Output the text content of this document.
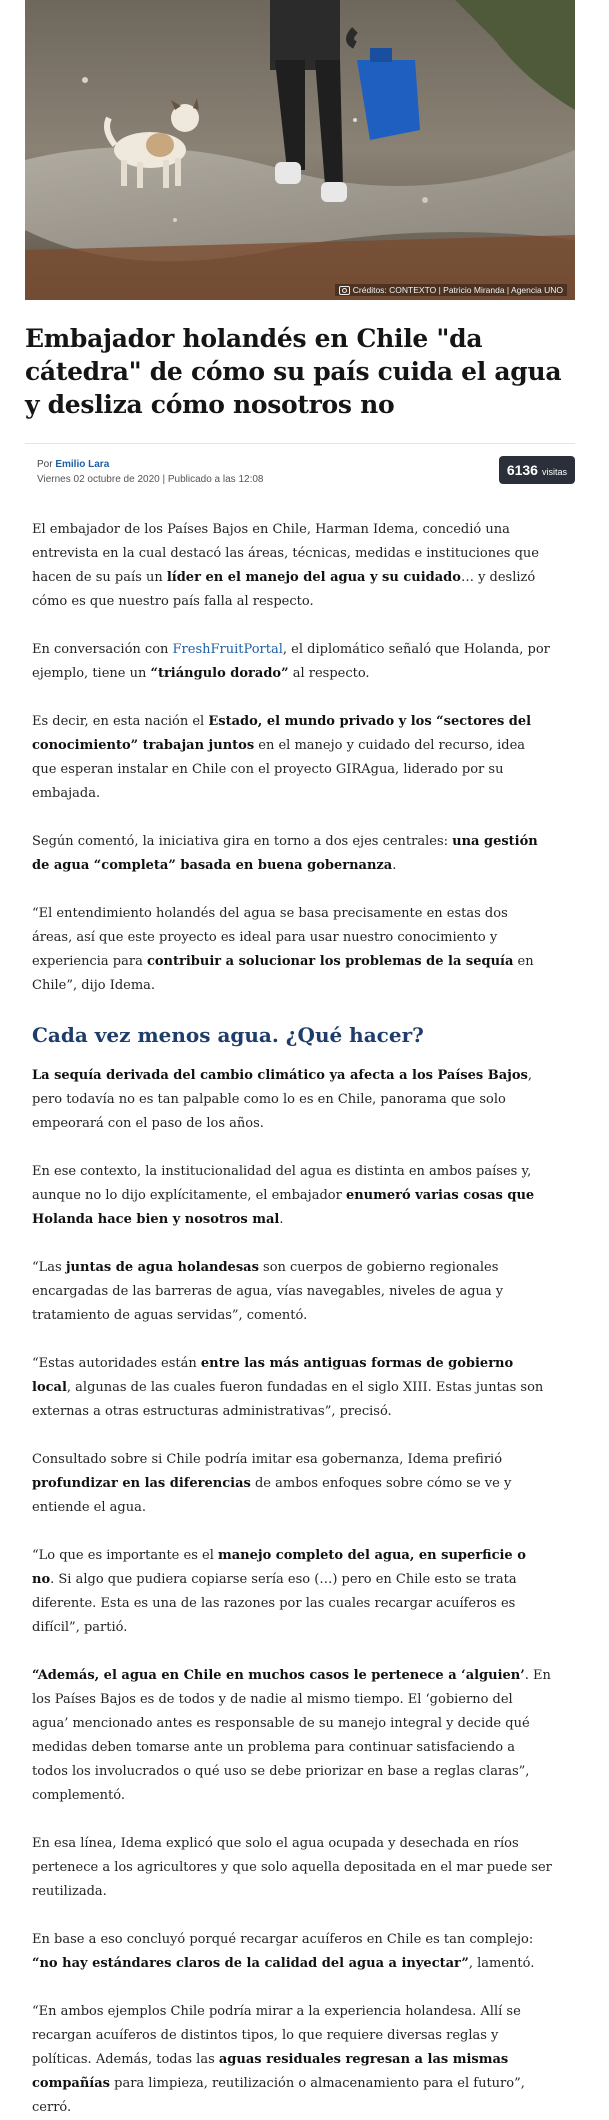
Créditos: CONTEXTO | Patricio Miranda | Agencia UNO
Embajador holandés en Chile "da cátedra" de cómo su país cuida el agua y desliza cómo nosotros no
Por Emilio Lara
Viernes 02 octubre de 2020 | Publicado a las 12:08
6136 visitas

El embajador de los Países Bajos en Chile, Harman Idema, concedió una entrevista en la cual destacó las áreas, técnicas, medidas e instituciones que hacen de su país un líder en el manejo del agua y su cuidado… y deslizó cómo es que nuestro país falla al respecto.

En conversación con FreshFruitPortal, el diplomático señaló que Holanda, por ejemplo, tiene un “triángulo dorado” al respecto.

Es decir, en esta nación el Estado, el mundo privado y los “sectores del conocimiento” trabajan juntos en el manejo y cuidado del recurso, idea que esperan instalar en Chile con el proyecto GIRAgua, liderado por su embajada.

Según comentó, la iniciativa gira en torno a dos ejes centrales: una gestión de agua “completa” basada en buena gobernanza.

“El entendimiento holandés del agua se basa precisamente en estas dos áreas, así que este proyecto es ideal para usar nuestro conocimiento y experiencia para contribuir a solucionar los problemas de la sequía en Chile”, dijo Idema.

Cada vez menos agua. ¿Qué hacer?

La sequía derivada del cambio climático ya afecta a los Países Bajos, pero todavía no es tan palpable como lo es en Chile, panorama que solo empeorará con el paso de los años.

En ese contexto, la institucionalidad del agua es distinta en ambos países y, aunque no lo dijo explícitamente, el embajador enumeró varias cosas que Holanda hace bien y nosotros mal.

“Las juntas de agua holandesas son cuerpos de gobierno regionales encargadas de las barreras de agua, vías navegables, niveles de agua y tratamiento de aguas servidas”, comentó.

“Estas autoridades están entre las más antiguas formas de gobierno local, algunas de las cuales fueron fundadas en el siglo XIII. Estas juntas son externas a otras estructuras administrativas”, precisó.

Consultado sobre si Chile podría imitar esa gobernanza, Idema prefirió profundizar en las diferencias de ambos enfoques sobre cómo se ve y entiende el agua.

“Lo que es importante es el manejo completo del agua, en superficie o no. Si algo que pudiera copiarse sería eso (…) pero en Chile esto se trata diferente. Esta es una de las razones por las cuales recargar acuíferos es difícil”, partió.

“Además, el agua en Chile en muchos casos le pertenece a ‘alguien’. En los Países Bajos es de todos y de nadie al mismo tiempo. El ‘gobierno del agua’ mencionado antes es responsable de su manejo integral y decide qué medidas deben tomarse ante un problema para continuar satisfaciendo a todos los involucrados o qué uso se debe priorizar en base a reglas claras”, complementó.

En esa línea, Idema explicó que solo el agua ocupada y desechada en ríos pertenece a los agricultores y que solo aquella depositada en el mar puede ser reutilizada.

En base a eso concluyó porqué recargar acuíferos en Chile es tan complejo: “no hay estándares claros de la calidad del agua a inyectar”, lamentó.

“En ambos ejemplos Chile podría mirar a la experiencia holandesa. Allí se recargan acuíferos de distintos tipos, lo que requiere diversas reglas y políticas. Además, todas las aguas residuales regresan a las mismas compañías para limpieza, reutilización o almacenamiento para el futuro”, cerró.
